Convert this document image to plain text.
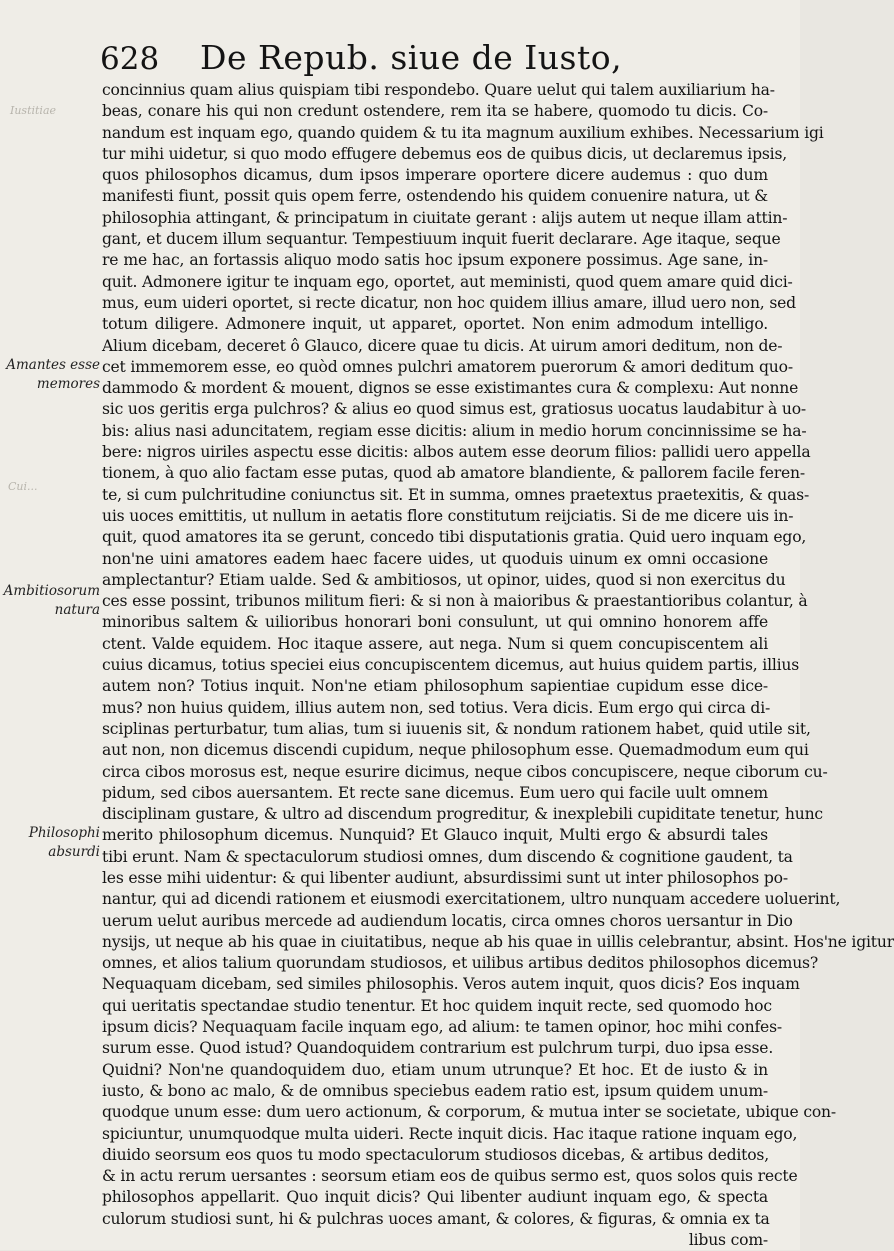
Iustitiae
Cui...
628	De Repub. siue de Iusto,
Amantes esse memores
Ambitiosorum natura
Philosophi absurdi
concinnius quam alius quispiam tibi respondebo. Quare uelut qui talem auxiliarium ha-
beas, conare his qui non credunt ostendere, rem ita se habere, quomodo tu dicis. Co-
nandum est inquam ego, quando quidem & tu ita magnum auxilium exhibes. Necessarium igi
tur mihi uidetur, si quo modo effugere debemus eos de quibus dicis, ut declaremus ipsis,
quos philosophos dicamus, dum ipsos imperare oportere dicere audemus : quo dum
manifesti fiunt, possit quis opem ferre, ostendendo his quidem conuenire natura, ut &
philosophia attingant, & principatum in ciuitate gerant : alijs autem ut neque illam attin-
gant, et ducem illum sequantur. Tempestiuum inquit fuerit declarare. Age itaque, seque
re me hac, an fortassis aliquo modo satis hoc ipsum exponere possimus. Age sane, in-
quit. Admonere igitur te inquam ego, oportet, aut meministi, quod quem amare quid dici-
mus, eum uideri oportet, si recte dicatur, non hoc quidem illius amare, illud uero non, sed
totum diligere. Admonere inquit, ut apparet, oportet. Non enim admodum intelligo.
Alium dicebam, deceret ô Glauco, dicere quae tu dicis. At uirum amori deditum, non de-
cet immemorem esse, eo quòd omnes pulchri amatorem puerorum & amori deditum quo-
dammodo & mordent & mouent, dignos se esse existimantes cura & complexu: Aut nonne
sic uos geritis erga pulchros? & alius eo quod simus est, gratiosus uocatus laudabitur à uo-
bis: alius nasi aduncitatem, regiam esse dicitis: alium in medio horum concinnissime se ha-
bere: nigros uiriles aspectu esse dicitis: albos autem esse deorum filios: pallidi uero appella
tionem, à quo alio factam esse putas, quod ab amatore blandiente, & pallorem facile feren-
te, si cum pulchritudine coniunctus sit. Et in summa, omnes praetextus praetexitis, & quas-
uis uoces emittitis, ut nullum in aetatis flore constitutum reijciatis. Si de me dicere uis in-
quit, quod amatores ita se gerunt, concedo tibi disputationis gratia. Quid uero inquam ego,
non'ne uini amatores eadem haec facere uides, ut quoduis uinum ex omni occasione
amplectantur? Etiam ualde. Sed & ambitiosos, ut opinor, uides, quod si non exercitus du
ces esse possint, tribunos militum fieri: & si non à maioribus & praestantioribus colantur, à
minoribus saltem & uilioribus honorari boni consulunt, ut qui omnino honorem affe
ctent. Valde equidem. Hoc itaque assere, aut nega. Num si quem concupiscentem ali
cuius dicamus, totius speciei eius concupiscentem dicemus, aut huius quidem partis, illius
autem non? Totius inquit. Non'ne etiam philosophum sapientiae cupidum esse dice-
mus? non huius quidem, illius autem non, sed totius. Vera dicis. Eum ergo qui circa di-
sciplinas perturbatur, tum alias, tum si iuuenis sit, & nondum rationem habet, quid utile sit,
aut non, non dicemus discendi cupidum, neque philosophum esse. Quemadmodum eum qui
circa cibos morosus est, neque esurire dicimus, neque cibos concupiscere, neque ciborum cu-
pidum, sed cibos auersantem. Et recte sane dicemus. Eum uero qui facile uult omnem
disciplinam gustare, & ultro ad discendum progreditur, & inexplebili cupiditate tenetur, hunc
merito philosophum dicemus. Nunquid? Et Glauco inquit, Multi ergo & absurdi tales
tibi erunt. Nam & spectaculorum studiosi omnes, dum discendo & cognitione gaudent, ta
les esse mihi uidentur: & qui libenter audiunt, absurdissimi sunt ut inter philosophos po-
nantur, qui ad dicendi rationem et eiusmodi exercitationem, ultro nunquam accedere uoluerint,
uerum uelut auribus mercede ad audiendum locatis, circa omnes choros uersantur in Dio
nysijs, ut neque ab his quae in ciuitatibus, neque ab his quae in uillis celebrantur, absint. Hos'ne igitur
omnes, et alios talium quorundam studiosos, et uilibus artibus deditos philosophos dicemus?
Nequaquam dicebam, sed similes philosophis. Veros autem inquit, quos dicis? Eos inquam
qui ueritatis spectandae studio tenentur. Et hoc quidem inquit recte, sed quomodo hoc
ipsum dicis? Nequaquam facile inquam ego, ad alium: te tamen opinor, hoc mihi confes-
surum esse. Quod istud? Quandoquidem contrarium est pulchrum turpi, duo ipsa esse.
Quidni? Non'ne quandoquidem duo, etiam unum utrunque? Et hoc. Et de iusto & in
iusto, & bono ac malo, & de omnibus speciebus eadem ratio est, ipsum quidem unum-
quodque unum esse: dum uero actionum, & corporum, & mutua inter se societate, ubique con-
spiciuntur, unumquodque multa uideri. Recte inquit dicis. Hac itaque ratione inquam ego,
diuido seorsum eos quos tu modo spectaculorum studiosos dicebas, & artibus deditos,
& in actu rerum uersantes : seorsum etiam eos de quibus sermo est, quos solos quis recte
philosophos appellarit. Quo inquit dicis? Qui libenter audiunt inquam ego, & specta
culorum studiosi sunt, hi & pulchras uoces amant, & colores, & figuras, & omnia ex ta
libus com-
